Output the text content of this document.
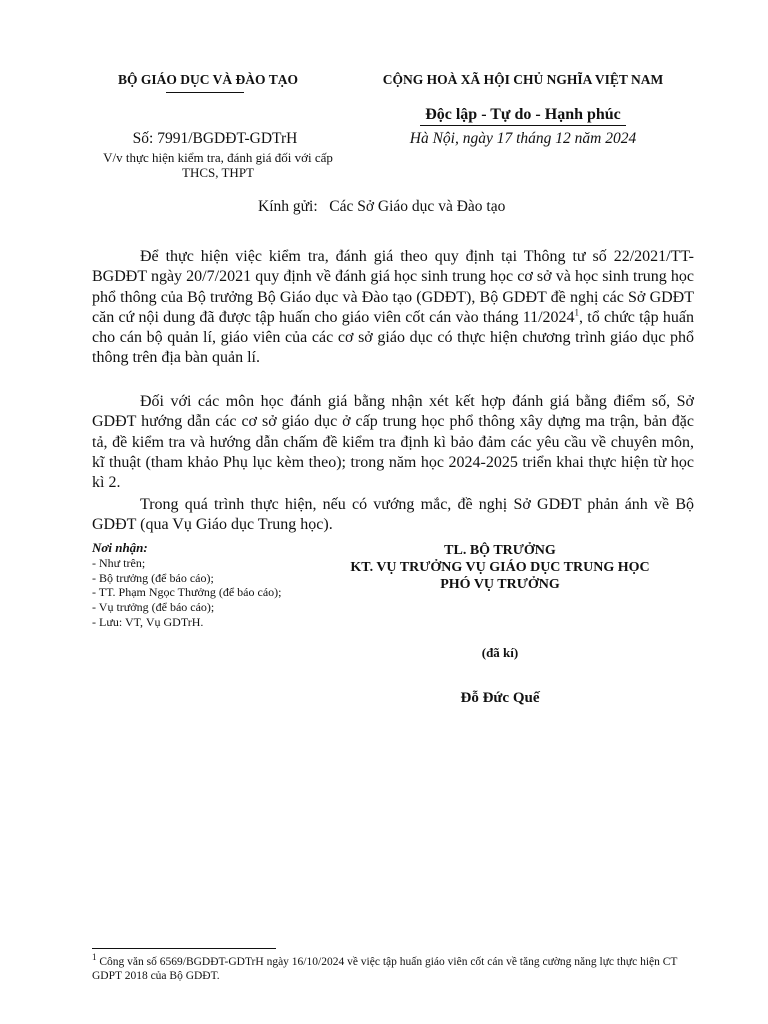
BỘ GIÁO DỤC VÀ ĐÀO TẠO	CỘNG HOÀ XÃ HỘI CHỦ NGHĨA VIỆT NAM
Độc lập - Tự do - Hạnh phúc
Số: 7991/BGDĐT-GDTrH	Hà Nội, ngày 17 tháng 12 năm 2024
V/v thực hiện kiểm tra, đánh giá đối với cấp THCS, THPT
Kính gửi: Các Sở Giáo dục và Đào tạo

Để thực hiện việc kiểm tra, đánh giá theo quy định tại Thông tư số 22/2021/TT-BGDĐT ngày 20/7/2021 quy định về đánh giá học sinh trung học cơ sở và học sinh trung học phổ thông của Bộ trưởng Bộ Giáo dục và Đào tạo (GDĐT), Bộ GDĐT đề nghị các Sở GDĐT căn cứ nội dung đã được tập huấn cho giáo viên cốt cán vào tháng 11/2024$^1$, tổ chức tập huấn cho cán bộ quản lí, giáo viên của các cơ sở giáo dục có thực hiện chương trình giáo dục phổ thông trên địa bàn quản lí.

Đối với các môn học đánh giá bằng nhận xét kết hợp đánh giá bằng điểm số, Sở GDĐT hướng dẫn các cơ sở giáo dục ở cấp trung học phổ thông xây dựng ma trận, bản đặc tả, đề kiểm tra và hướng dẫn chấm đề kiểm tra định kì bảo đảm các yêu cầu về chuyên môn, kĩ thuật (tham khảo Phụ lục kèm theo); trong năm học 2024-2025 triển khai thực hiện từ học kì 2.

Trong quá trình thực hiện, nếu có vướng mắc, đề nghị Sở GDĐT phản ánh về Bộ GDĐT (qua Vụ Giáo dục Trung học).

Nơi nhận:
- Như trên;
- Bộ trưởng (để báo cáo);
- TT. Phạm Ngọc Thưởng (để báo cáo);
- Vụ trưởng (để báo cáo);
- Lưu: VT, Vụ GDTrH.
TL. BỘ TRƯỞNG
KT. VỤ TRƯỞNG VỤ GIÁO DỤC TRUNG HỌC
PHÓ VỤ TRƯỞNG
(đã kí)
Đỗ Đức Quế
$^1$ Công văn số 6569/BGDĐT-GDTrH ngày 16/10/2024 về việc tập huấn giáo viên cốt cán về tăng cường năng lực thực hiện CT GDPT 2018 của Bộ GDĐT.
